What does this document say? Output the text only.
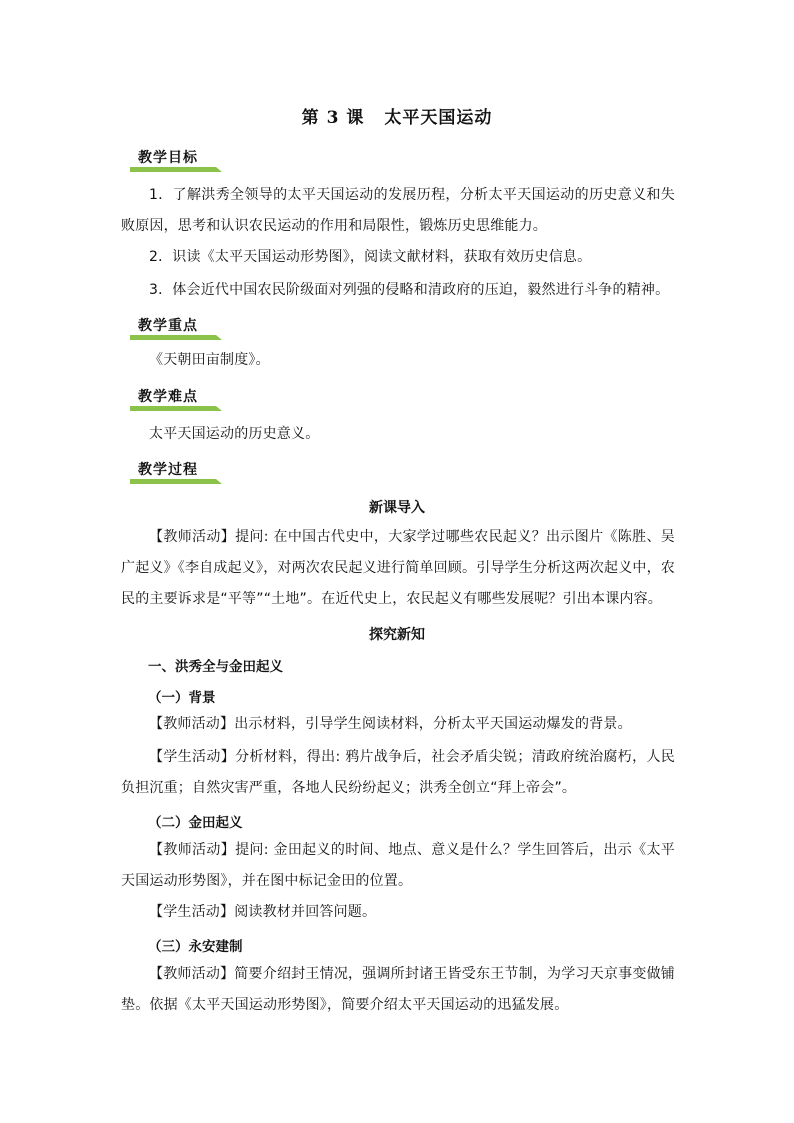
第 3 课 太平天国运动
教学目标
1．了解洪秀全领导的太平天国运动的发展历程，分析太平天国运动的历史意义和失败原因，思考和认识农民运动的作用和局限性，锻炼历史思维能力。
2．识读《太平天国运动形势图》，阅读文献材料，获取有效历史信息。
3．体会近代中国农民阶级面对列强的侵略和清政府的压迫，毅然进行斗争的精神。
教学重点
《天朝田亩制度》。
教学难点
太平天国运动的历史意义。
教学过程
新课导入
【教师活动】提问: 在中国古代史中，大家学过哪些农民起义？出示图片《陈胜、吴广起义》《李自成起义》，对两次农民起义进行简单回顾。引导学生分析这两次起义中，农民的主要诉求是“平等”“土地”。在近代史上，农民起义有哪些发展呢？引出本课内容。
探究新知
一、洪秀全与金田起义
（一）背景
【教师活动】出示材料，引导学生阅读材料，分析太平天国运动爆发的背景。
【学生活动】分析材料，得出: 鸦片战争后，社会矛盾尖锐；清政府统治腐朽，人民负担沉重；自然灾害严重，各地人民纷纷起义；洪秀全创立“拜上帝会”。
（二）金田起义
【教师活动】提问: 金田起义的时间、地点、意义是什么？学生回答后，出示《太平天国运动形势图》，并在图中标记金田的位置。
【学生活动】阅读教材并回答问题。
（三）永安建制
【教师活动】简要介绍封王情况，强调所封诸王皆受东王节制，为学习天京事变做铺垫。依据《太平天国运动形势图》，简要介绍太平天国运动的迅猛发展。
